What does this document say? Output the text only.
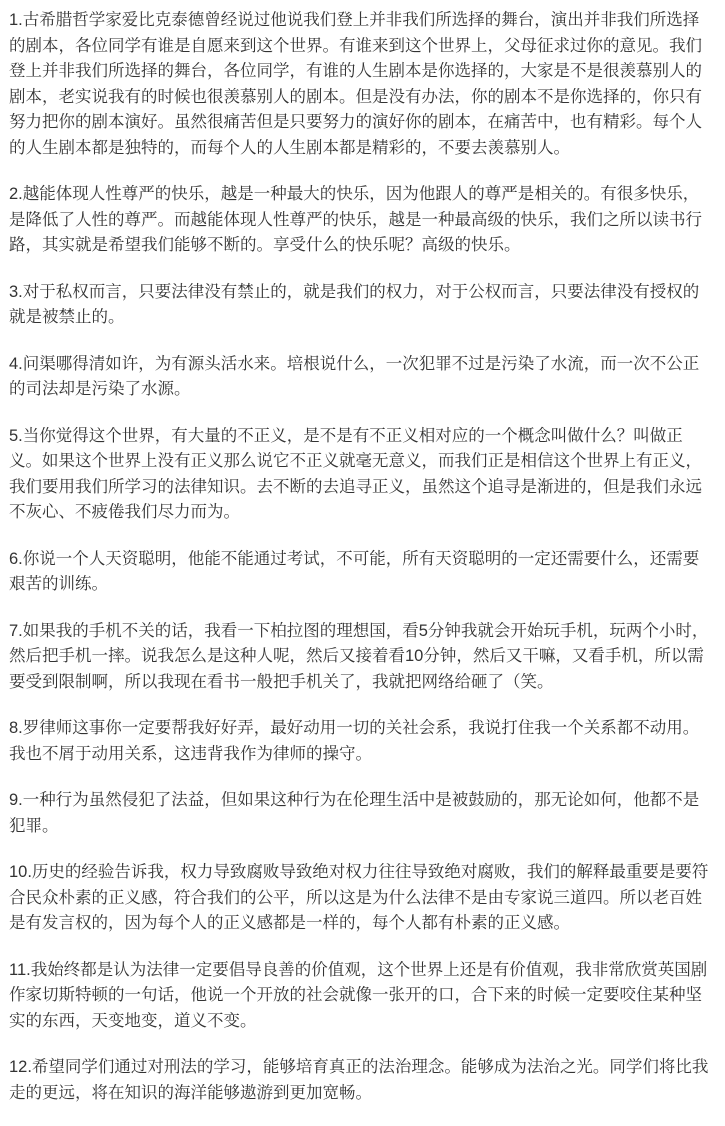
1.古希腊哲学家爱比克泰德曾经说过他说我们登上并非我们所选择的舞台，演出并非我们所选择的剧本，各位同学有谁是自愿来到这个世界。有谁来到这个世界上，父母征求过你的意见。我们登上并非我们所选择的舞台，各位同学，有谁的人生剧本是你选择的，大家是不是很羡慕别人的剧本，老实说我有的时候也很羡慕别人的剧本。但是没有办法，你的剧本不是你选择的，你只有努力把你的剧本演好。虽然很痛苦但是只要努力的演好你的剧本，在痛苦中，也有精彩。每个人的人生剧本都是独特的，而每个人的人生剧本都是精彩的，不要去羡慕别人。

2.越能体现人性尊严的快乐，越是一种最大的快乐，因为他跟人的尊严是相关的。有很多快乐，是降低了人性的尊严。而越能体现人性尊严的快乐，越是一种最高级的快乐，我们之所以读书行路，其实就是希望我们能够不断的。享受什么的快乐呢？高级的快乐。

3.对于私权而言，只要法律没有禁止的，就是我们的权力，对于公权而言，只要法律没有授权的就是被禁止的。

4.问渠哪得清如许，为有源头活水来。培根说什么，一次犯罪不过是污染了水流，而一次不公正的司法却是污染了水源。

5.当你觉得这个世界，有大量的不正义，是不是有不正义相对应的一个概念叫做什么？叫做正义。如果这个世界上没有正义那么说它不正义就毫无意义，而我们正是相信这个世界上有正义，我们要用我们所学习的法律知识。去不断的去追寻正义，虽然这个追寻是渐进的，但是我们永远不灰心、不疲倦我们尽力而为。

6.你说一个人天资聪明，他能不能通过考试，不可能，所有天资聪明的一定还需要什么，还需要艰苦的训练。

7.如果我的手机不关的话，我看一下柏拉图的理想国，看5分钟我就会开始玩手机，玩两个小时，然后把手机一摔。说我怎么是这种人呢，然后又接着看10分钟，然后又干嘛，又看手机，所以需要受到限制啊，所以我现在看书一般把手机关了，我就把网络给砸了（笑。

8.罗律师这事你一定要帮我好好弄，最好动用一切的关社会系，我说打住我一个关系都不动用。我也不屑于动用关系，这违背我作为律师的操守。

9.一种行为虽然侵犯了法益，但如果这种行为在伦理生活中是被鼓励的，那无论如何，他都不是犯罪。

10.历史的经验告诉我，权力导致腐败导致绝对权力往往导致绝对腐败，我们的解释最重要是要符合民众朴素的正义感，符合我们的公平，所以这是为什么法律不是由专家说三道四。所以老百姓是有发言权的，因为每个人的正义感都是一样的，每个人都有朴素的正义感。

11.我始终都是认为法律一定要倡导良善的价值观，这个世界上还是有价值观，我非常欣赏英国剧作家切斯特顿的一句话，他说一个开放的社会就像一张开的口，合下来的时候一定要咬住某种坚实的东西，天变地变，道义不变。

12.希望同学们通过对刑法的学习，能够培育真正的法治理念。能够成为法治之光。同学们将比我走的更远，将在知识的海洋能够遨游到更加宽畅。
